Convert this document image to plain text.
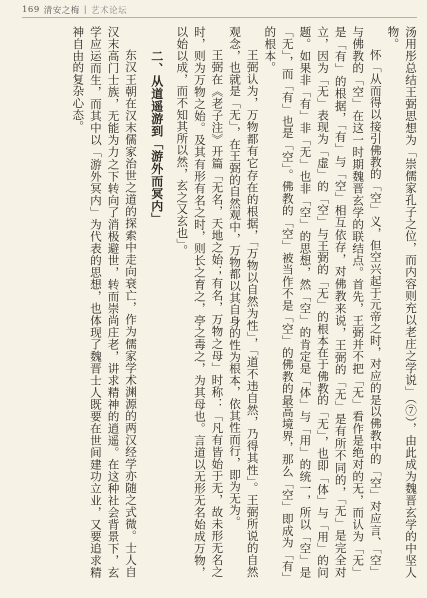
169 清安之梅 | 艺术论坛

汤用彤总结王弼思想为「崇儒家孔子之位，而内容则充以老庄之学说」（⑦），由此成为魏晋玄学的中坚人物。

怀「从而得以接引佛教的「空」义，但空兴起于元帝之时，对应的是以佛教中的「空」对应言、「空」与佛教的「空」在这一时期魏晋玄学的联结点。首先，王弼并不把「无」看作是绝对的无，而认为「无」是「有」的根据，「有」与「空」相互依存，对佛教来说，王弼的「无」是有所不同的，「无」是完全对立，因为「无」表现为「虚」的「空」与王弼的「无」的根本在于佛教的「无」，也即「体」与「用」的问题。如果非「有」非「无」也非「空」的思想，然「空」的肯定是「体」与「用」的统一，所以「空」是「无」，而「有」也是「空」。佛教的「空」被当作不是「空」的佛教的最高境界，那么「空」即成为「有」的根本。

王弼认为，万物都有它存在的根据，「万物以自然为性」，「道不违自然，乃得其性」。王弼所说的自然观念，也就是「无」，在王弼的自然观中，万物都以其自身的性为根本，依其性而行，即为无为。

王弼在《老子注》开篇「无名，天地之始；有名，万物之母」时称：「凡有皆始于无，故未形无名之时，则为万物之始。及其有形有名之时，则长之育之，亭之毒之，为其母也。言道以无形无名始成万物，以始以成，而不知其所以然，玄之又玄也」。

二、从道遥游到「游外而冥内」

东汉王朝在汉末儒家治世之道的探索中走向衰亡，作为儒家学术渊源的两汉经学亦随之式微。士人自汉末高门士族，无能为力之下转向了消极避世，转而崇尚庄老，讲求精神的逍遥。在这种社会背景下，玄学应运而生，而其中以「游外冥内」为代表的思想，也体现了魏晋士人既要在世间建功立业，又要追求精神自由的复杂心态。
